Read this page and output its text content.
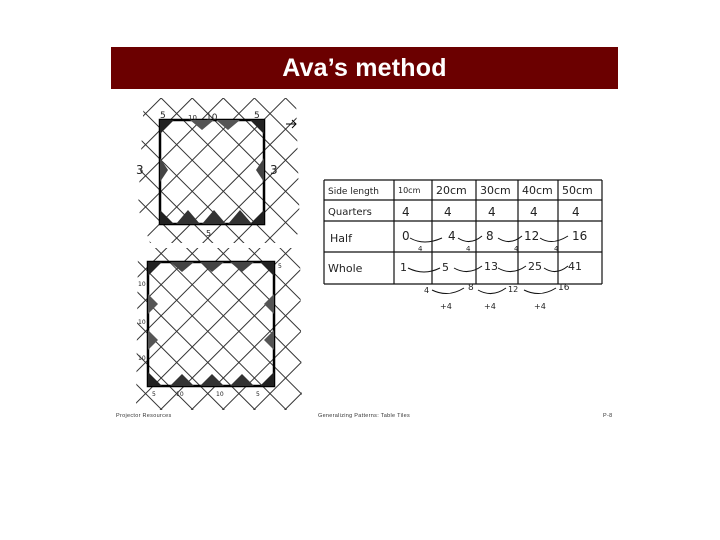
Ava’s method
5	10 10	5
3	3
5
10
10
10
5
5	10	10	5
Side length 10cm 20cm 30cm 40cm 50cm
Quarters	4	4	4	4	4
Half	0	4	8	12	16
4	4	4	4
Whole	1	5	13	25 41
4	8	12	16
+4	+4	+4
Projector Resources	Generalizing Patterns: Table Tiles	P-8
